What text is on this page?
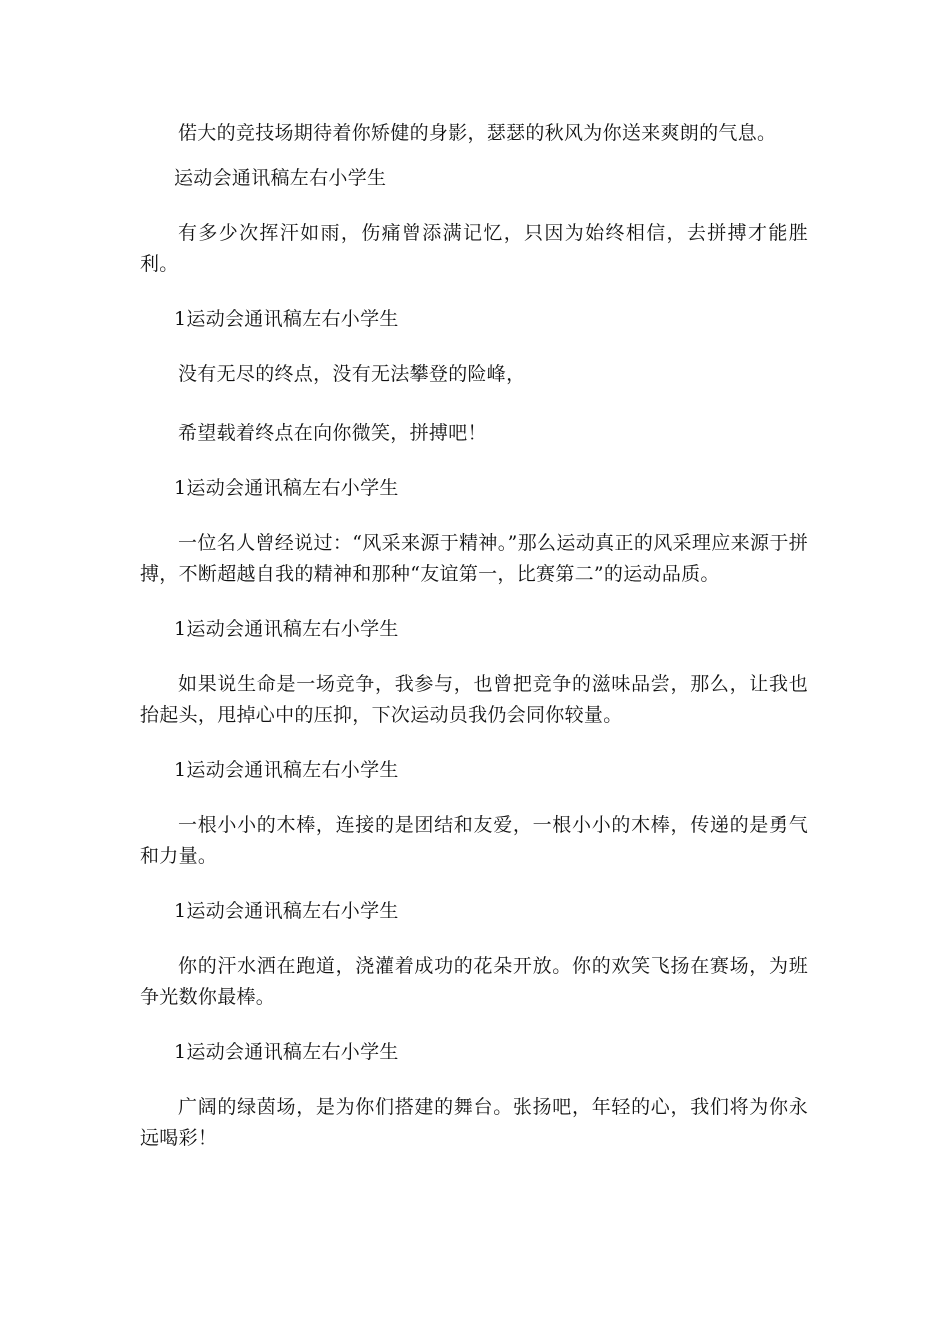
偌大的竞技场期待着你矫健的身影，瑟瑟的秋风为你送来爽朗的气息。

运动会通讯稿左右小学生

有多少次挥汗如雨，伤痛曾添满记忆，只因为始终相信，去拼搏才能胜利。

1运动会通讯稿左右小学生

没有无尽的终点，没有无法攀登的险峰，

希望载着终点在向你微笑，拼搏吧！

1运动会通讯稿左右小学生

一位名人曾经说过：“风采来源于精神。”那么运动真正的风采理应来源于拼搏，不断超越自我的精神和那种“友谊第一，比赛第二”的运动品质。

1运动会通讯稿左右小学生

如果说生命是一场竞争，我参与，也曾把竞争的滋味品尝，那么，让我也抬起头，甩掉心中的压抑，下次运动员我仍会同你较量。

1运动会通讯稿左右小学生

一根小小的木棒，连接的是团结和友爱，一根小小的木棒，传递的是勇气和力量。

1运动会通讯稿左右小学生

你的汗水洒在跑道，浇灌着成功的花朵开放。你的欢笑飞扬在赛场，为班争光数你最棒。

1运动会通讯稿左右小学生

广阔的绿茵场，是为你们搭建的舞台。张扬吧，年轻的心，我们将为你永远喝彩！
